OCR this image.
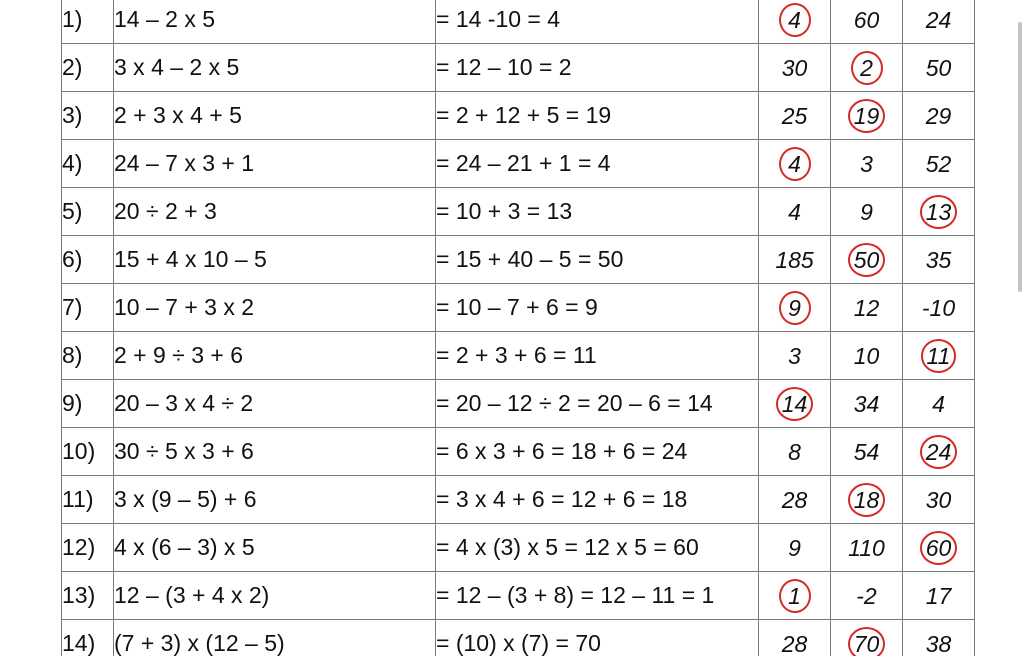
1)	14 – 2 x 5	= 14 -10 = 4	4	60	24
2)	3 x 4 – 2 x 5	= 12 – 10 = 2	30	2	50
3)	2 + 3 x 4 + 5	= 2 + 12 + 5 = 19	25	19	29
4)	24 – 7 x 3 + 1	= 24 – 21 + 1 = 4	4	3	52
5)	20 ÷ 2 + 3	= 10 + 3 = 13	4	9	13
6)	15 + 4 x 10 – 5	= 15 + 40 – 5 = 50	185	50	35
7)	10 – 7 + 3 x 2	= 10 – 7 + 6 = 9	9	12	-10
8)	2 + 9 ÷ 3 + 6	= 2 + 3 + 6 = 11	3	10	11
9)	20 – 3 x 4 ÷ 2	= 20 – 12 ÷ 2 = 20 – 6 = 14	14	34	4
10)	30 ÷ 5 x 3 + 6	= 6 x 3 + 6 = 18 + 6 = 24	8	54	24
11)	3 x (9 – 5) + 6	= 3 x 4 + 6 = 12 + 6 = 18	28	18	30
12)	4 x (6 – 3) x 5	= 4 x (3) x 5 = 12 x 5 = 60	9	110	60
13)	12 – (3 + 4 x 2)	= 12 – (3 + 8) = 12 – 11 = 1	1	-2	17
14)	(7 + 3) x (12 – 5)	= (10) x (7) = 70	28	70	38
